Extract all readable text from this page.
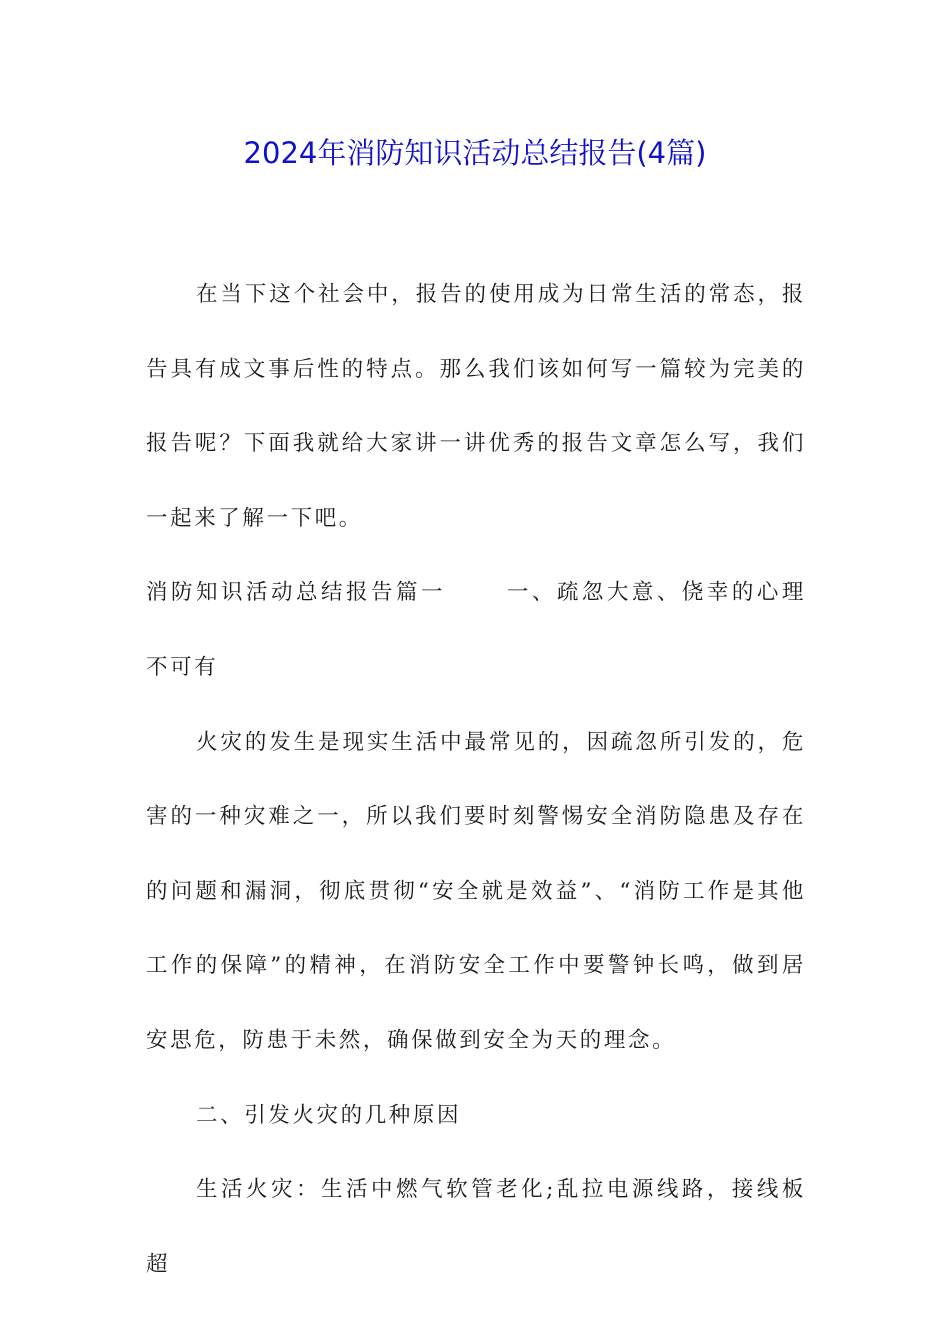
2024年消防知识活动总结报告(4篇)

在当下这个社会中，报告的使用成为日常生活的常态，报告具有成文事后性的特点。那么我们该如何写一篇较为完美的报告呢？下面我就给大家讲一讲优秀的报告文章怎么写，我们一起来了解一下吧。

消防知识活动总结报告篇一	一、疏忽大意、侥幸的心理不可有

火灾的发生是现实生活中最常见的，因疏忽所引发的，危害的一种灾难之一，所以我们要时刻警惕安全消防隐患及存在的问题和漏洞，彻底贯彻“安全就是效益”、“消防工作是其他工作的保障”的精神，在消防安全工作中要警钟长鸣，做到居安思危，防患于未然，确保做到安全为天的理念。

二、引发火灾的几种原因

生活火灾：生活中燃气软管老化;乱拉电源线路，接线板超
